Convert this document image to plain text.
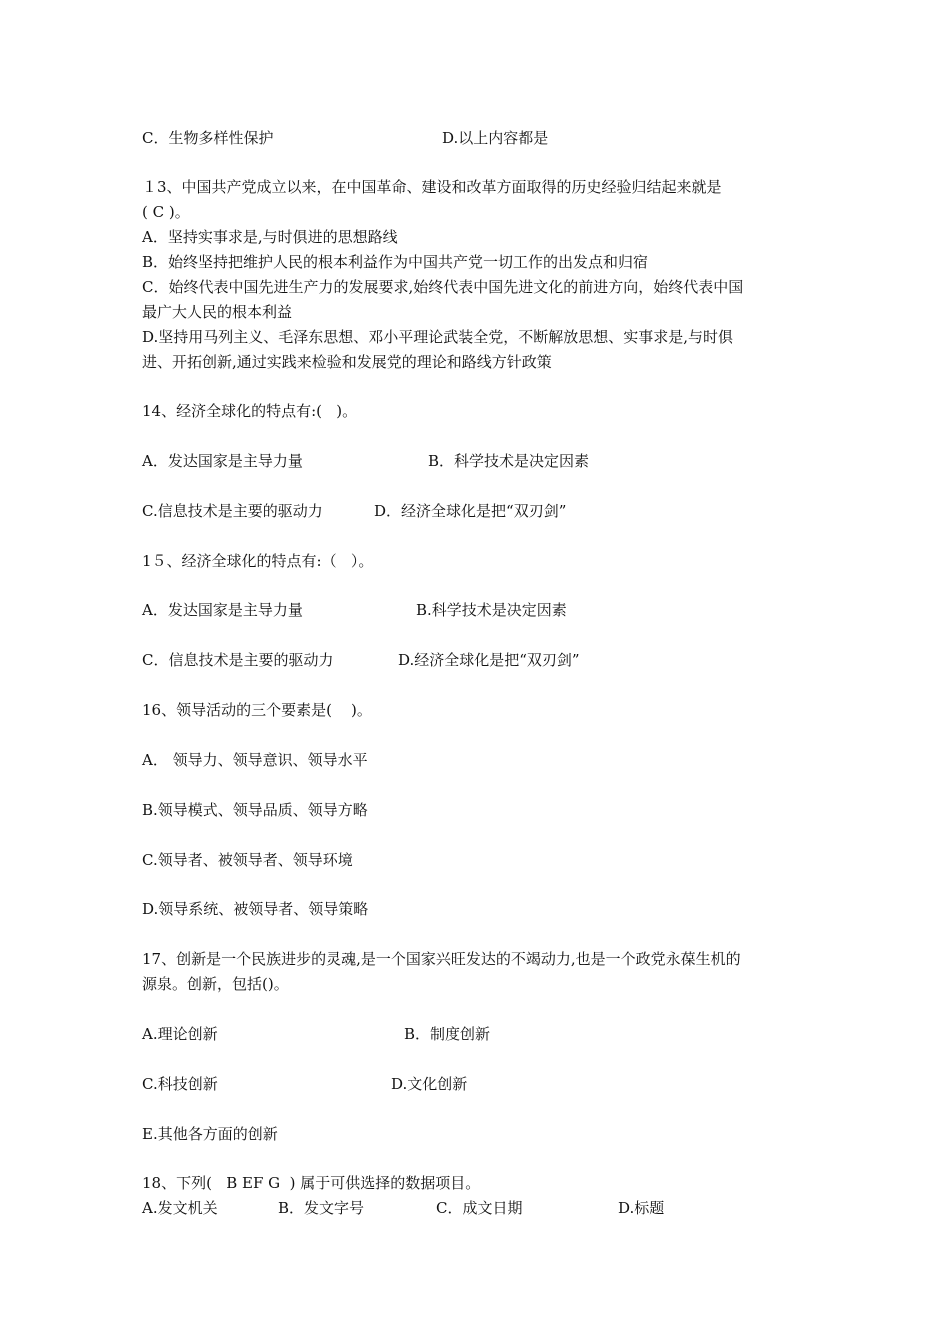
C．生物多样性保护	D.以上内容都是
１3、中国共产党成立以来，在中国革命、建设和改革方面取得的历史经验归结起来就是
( C )。
A．坚持实事求是,与时俱进的思想路线
B．始终坚持把维护人民的根本利益作为中国共产党一切工作的出发点和归宿
C．始终代表中国先进生产力的发展要求,始终代表中国先进文化的前进方向，始终代表中国
最广大人民的根本利益
D.坚持用马列主义、毛泽东思想、邓小平理论武装全党，不断解放思想、实事求是,与时俱
进、开拓创新,通过实践来检验和发展党的理论和路线方针政策
14、经济全球化的特点有:(   )。
A．发达国家是主导力量	B．科学技术是决定因素
C.信息技术是主要的驱动力	D．经济全球化是把“双刃剑”
1５、经济全球化的特点有:（   ）。
A．发达国家是主导力量	B.科学技术是决定因素
C．信息技术是主要的驱动力	D.经济全球化是把“双刃剑”
16、领导活动的三个要素是(    )。
A． 领导力、领导意识、领导水平
B.领导模式、领导品质、领导方略
C.领导者、被领导者、领导环境
D.领导系统、被领导者、领导策略
17、创新是一个民族进步的灵魂,是一个国家兴旺发达的不竭动力,也是一个政党永葆生机的
源泉。创新，包括()。
A.理论创新	B．制度创新
C.科技创新	D.文化创新
E.其他各方面的创新
18、下列(   B EF G  ) 属于可供选择的数据项目。
A.发文机关	B．发文字号	C．成文日期	D.标题
